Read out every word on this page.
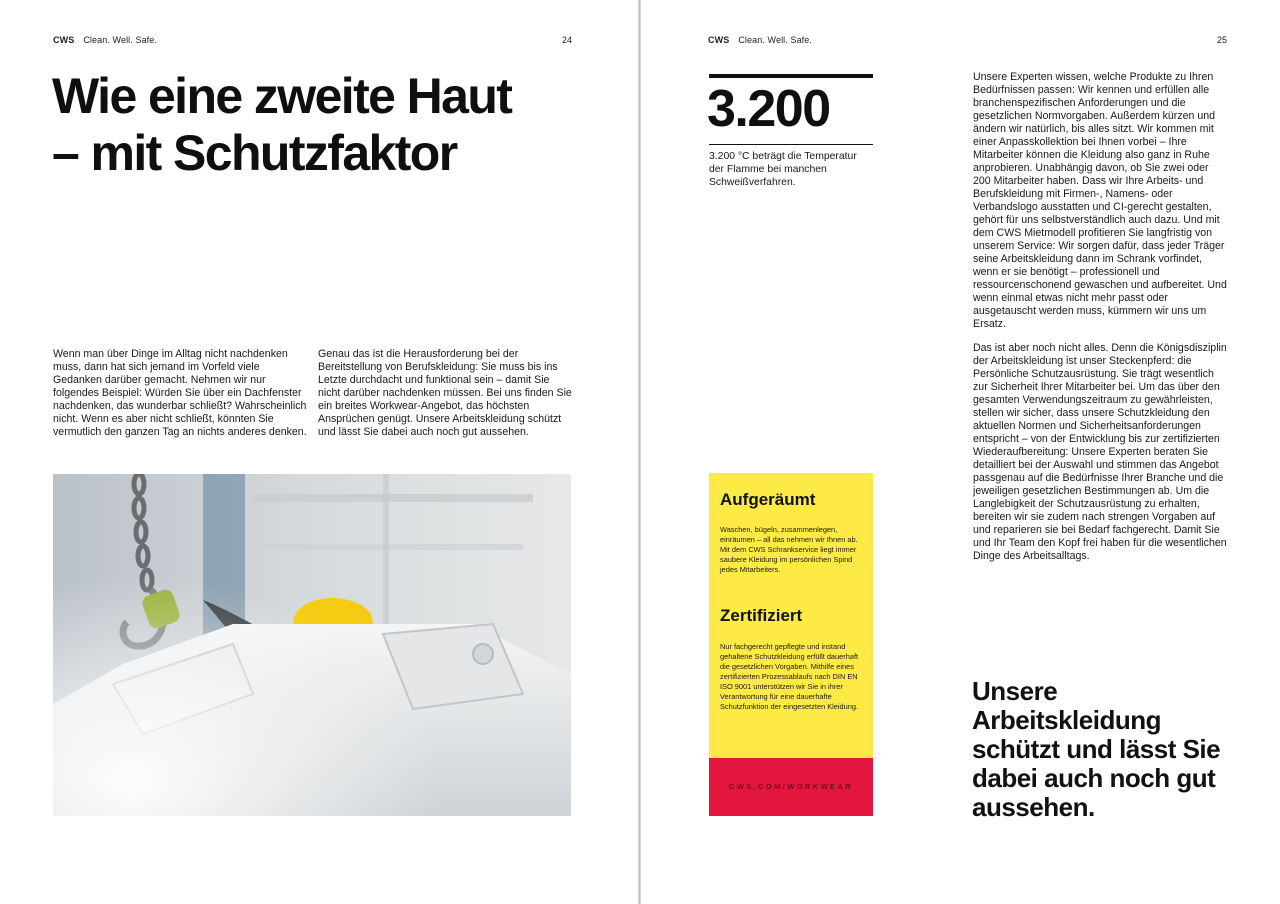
CWS Clean. Well. Safe.	24
Wie eine zweite Haut – mit Schutzfaktor

Wenn man über Dinge im Alltag nicht nachdenken muss, dann hat sich jemand im Vorfeld viele Gedanken darüber gemacht. Nehmen wir nur folgendes Beispiel: Würden Sie über ein Dachfenster nachdenken, das wunderbar schließt? Wahrscheinlich nicht. Wenn es aber nicht schließt, könnten Sie vermutlich den ganzen Tag an nichts anderes denken.

Genau das ist die Herausforderung bei der Bereitstellung von Berufskleidung: Sie muss bis ins Letzte durchdacht und funktional sein – damit Sie nicht darüber nachdenken müssen. Bei uns finden Sie ein breites Workwear-Angebot, das höchsten Ansprüchen genügt. Unsere Arbeitskleidung schützt und lässt Sie dabei auch noch gut aussehen.

CWS Clean. Well. Safe.	25
3.200

3.200 °C beträgt die Temperatur der Flamme bei manchen Schweißverfahren.

Unsere Experten wissen, welche Produkte zu Ihren Bedürfnissen passen: Wir kennen und erfüllen alle branchenspezifischen Anforderungen und die gesetzlichen Normvorgaben. Außerdem kürzen und ändern wir natürlich, bis alles sitzt. Wir kommen mit einer Anpasskollektion bei Ihnen vorbei – Ihre Mitarbeiter können die Kleidung also ganz in Ruhe anprobieren. Unabhängig davon, ob Sie zwei oder 200 Mitarbeiter haben. Dass wir Ihre Arbeits- und Berufskleidung mit Firmen-, Namens- oder Verbandslogo ausstatten und CI-gerecht gestalten, gehört für uns selbstverständlich auch dazu. Und mit dem CWS Mietmodell profitieren Sie langfristig von unserem Service: Wir sorgen dafür, dass jeder Träger seine Arbeitskleidung dann im Schrank vorfindet, wenn er sie benötigt – professionell und ressourcenschonend gewaschen und aufbereitet. Und wenn einmal etwas nicht mehr passt oder ausgetauscht werden muss, kümmern wir uns um Ersatz.

Das ist aber noch nicht alles. Denn die Königsdisziplin der Arbeitskleidung ist unser Steckenpferd: die Persönliche Schutzausrüstung. Sie trägt wesentlich zur Sicherheit Ihrer Mitarbeiter bei. Um das über den gesamten Verwendungszeitraum zu gewährleisten, stellen wir sicher, dass unsere Schutzkleidung den aktuellen Normen und Sicherheitsanforderungen entspricht – von der Entwicklung bis zur zertifizierten Wiederaufbereitung: Unsere Experten beraten Sie detailliert bei der Auswahl und stimmen das Angebot passgenau auf die Bedürfnisse Ihrer Branche und die jeweiligen gesetzlichen Bestimmungen ab. Um die Langlebigkeit der Schutzausrüstung zu erhalten, bereiten wir sie zudem nach strengen Vorgaben auf und reparieren sie bei Bedarf fachgerecht. Damit Sie und Ihr Team den Kopf frei haben für die wesentlichen Dinge des Arbeitsalltags.

Aufgeräumt

Waschen, bügeln, zusammenlegen, einräumen – all das nehmen wir Ihnen ab. Mit dem CWS Schrankservice liegt immer saubere Kleidung im persönlichen Spind jedes Mitarbeiters.

Zertifiziert

Nur fachgerecht gepflegte und instand gehaltene Schutzkleidung erfüllt dauerhaft die gesetzlichen Vorgaben. Mithilfe eines zertifizierten Prozessablaufs nach DIN EN ISO 9001 unterstützen wir Sie in ihrer Verantwortung für eine dauerhafte Schutzfunktion der eingesetzten Kleidung.

CWS.COM/WORKWEAR

Unsere Arbeitskleidung schützt und lässt Sie dabei auch noch gut aussehen.
